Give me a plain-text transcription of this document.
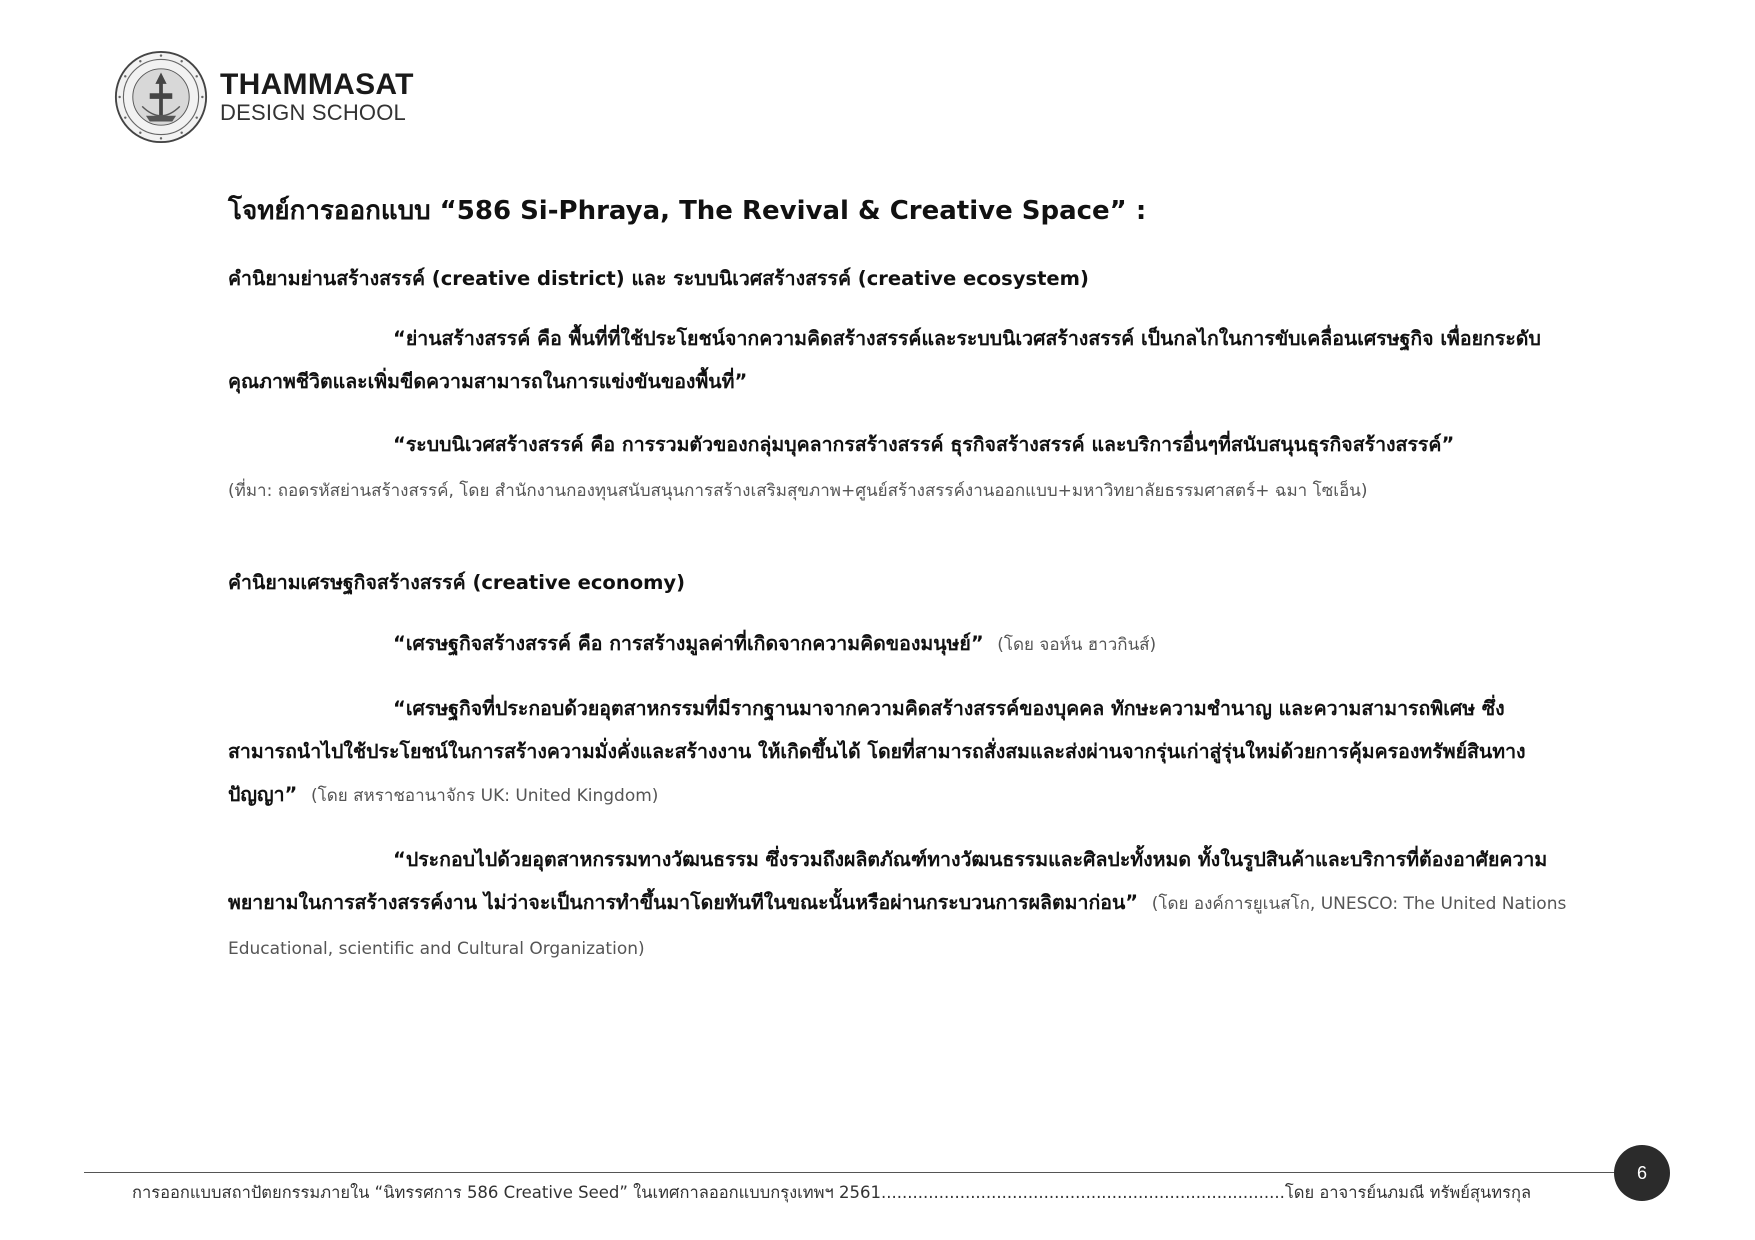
THAMMASAT
DESIGN SCHOOL
โจทย์การออกแบบ “586 Si-Phraya, The Revival & Creative Space” :
คำนิยามย่านสร้างสรรค์ (creative district) และ ระบบนิเวศสร้างสรรค์ (creative ecosystem)

“ย่านสร้างสรรค์ คือ พื้นที่ที่ใช้ประโยชน์จากความคิดสร้างสรรค์และระบบนิเวศสร้างสรรค์ เป็นกลไกในการขับเคลื่อนเศรษฐกิจ เพื่อยกระดับคุณภาพชีวิตและเพิ่มขีดความสามารถในการแข่งขันของพื้นที่”

“ระบบนิเวศสร้างสรรค์ คือ การรวมตัวของกลุ่มบุคลากรสร้างสรรค์ ธุรกิจสร้างสรรค์ และบริการอื่นๆที่สนับสนุนธุรกิจสร้างสรรค์”

(ที่มา: ถอดรหัสย่านสร้างสรรค์, โดย สำนักงานกองทุนสนับสนุนการสร้างเสริมสุขภาพ+ศูนย์สร้างสรรค์งานออกแบบ+มหาวิทยาลัยธรรมศาสตร์+ ฉมา โซเอ็น)

คำนิยามเศรษฐกิจสร้างสรรค์ (creative economy)

“เศรษฐกิจสร้างสรรค์ คือ การสร้างมูลค่าที่เกิดจากความคิดของมนุษย์” (โดย จอห์น ฮาวกินส์)

“เศรษฐกิจที่ประกอบด้วยอุตสาหกรรมที่มีรากฐานมาจากความคิดสร้างสรรค์ของบุคคล ทักษะความชำนาญ และความสามารถพิเศษ ซึ่งสามารถนำไปใช้ประโยชน์ในการสร้างความมั่งคั่งและสร้างงาน ให้เกิดขึ้นได้ โดยที่สามารถสั่งสมและส่งผ่านจากรุ่นเก่าสู่รุ่นใหม่ด้วยการคุ้มครองทรัพย์สินทางปัญญา” (โดย สหราชอานาจักร UK: United Kingdom)

“ประกอบไปด้วยอุตสาหกรรมทางวัฒนธรรม ซึ่งรวมถึงผลิตภัณฑ์ทางวัฒนธรรมและศิลปะทั้งหมด ทั้งในรูปสินค้าและบริการที่ต้องอาศัยความพยายามในการสร้างสรรค์งาน ไม่ว่าจะเป็นการทำขึ้นมาโดยทันทีในขณะนั้นหรือผ่านกระบวนการผลิตมาก่อน” (โดย องค์การยูเนสโก, UNESCO: The United Nations Educational, scientific and Cultural Organization)

การออกแบบสถาปัตยกรรมภายใน “นิทรรศการ 586 Creative Seed” ในเทศกาลออกแบบกรุงเทพฯ 2561.............................................................................โดย อาจารย์นภมณี ทรัพย์สุนทรกุล
6
